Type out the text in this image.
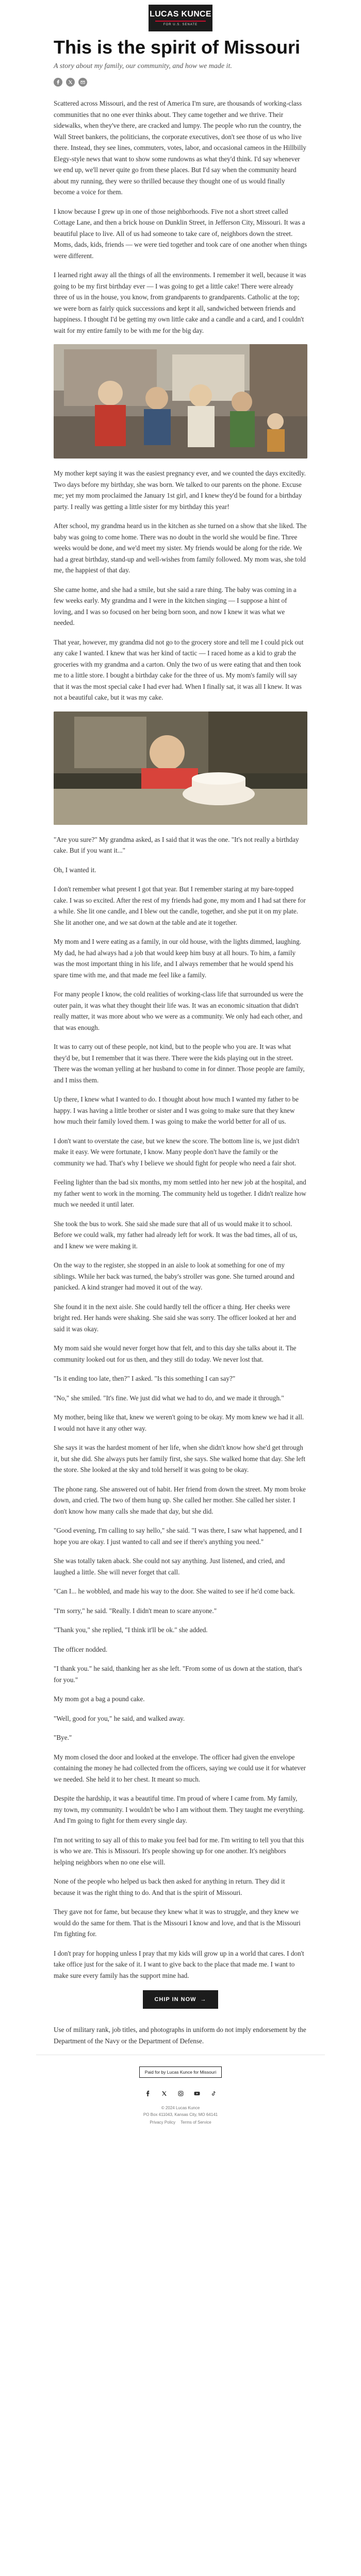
LUCAS KUNCE
FOR U.S. SENATE
This is the spirit of Missouri
A story about my family, our community, and how we made it.

Scattered across Missouri, and the rest of America I'm sure, are thousands of working-class communities that no one ever thinks about. They came together and we thrive. Their sidewalks, when they've there, are cracked and lumpy. The people who run the country, the Wall Street bankers, the politicians, the corporate executives, don't see those of us who live there. Instead, they see lines, commuters, votes, labor, and occasional cameos in the Hillbilly Elegy-style news that want to show some rundowns as what they'd think. I'd say whenever we end up, we'll never quite go from these places. But I'd say when the community heard about my running, they were so thrilled because they thought one of us would finally become a voice for them.

I know because I grew up in one of those neighborhoods. Five not a short street called Cottage Lane, and then a brick house on Dunklin Street, in Jefferson City, Missouri. It was a beautiful place to live. All of us had someone to take care of, neighbors down the street. Moms, dads, kids, friends — we were tied together and took care of one another when things were different.

I learned right away all the things of all the environments. I remember it well, because it was going to be my first birthday ever — I was going to get a little cake! There were already three of us in the house, you know, from grandparents to grandparents. Catholic at the top; we were born as fairly quick successions and kept it all, sandwiched between friends and happiness. I thought I'd be getting my own little cake and a candle and a card, and I couldn't wait for my entire family to be with me for the big day.

My mother kept saying it was the easiest pregnancy ever, and we counted the days excitedly. Two days before my birthday, she was born. We talked to our parents on the phone. Excuse me; yet my mom proclaimed the January 1st girl, and I knew they'd be found for a birthday party. I really was getting a little sister for my birthday this year!

After school, my grandma heard us in the kitchen as she turned on a show that she liked. The baby was going to come home. There was no doubt in the world she would be fine. Three weeks would be done, and we'd meet my sister. My friends would be along for the ride. We had a great birthday, stand-up and well-wishes from family followed. My mom was, she told me, the happiest of that day.

She came home, and she had a smile, but she said a rare thing. The baby was coming in a few weeks early. My grandma and I were in the kitchen singing — I suppose a hint of loving, and I was so focused on her being born soon, and now I knew it was what we needed.

That year, however, my grandma did not go to the grocery store and tell me I could pick out any cake I wanted. I knew that was her kind of tactic — I raced home as a kid to grab the groceries with my grandma and a carton. Only the two of us were eating that and then took me to a little store. I bought a birthday cake for the three of us. My mom's family will say that it was the most special cake I had ever had. When I finally sat, it was all I knew. It was not a beautiful cake, but it was my cake.

"Are you sure?" My grandma asked, as I said that it was the one. "It's not really a birthday cake. But if you want it..."

Oh, I wanted it.

I don't remember what present I got that year. But I remember staring at my bare-topped cake. I was so excited. After the rest of my friends had gone, my mom and I had sat there for a while. She lit one candle, and I blew out the candle, together, and she put it on my plate. She lit another one, and we sat down at the table and ate it together.

My mom and I were eating as a family, in our old house, with the lights dimmed, laughing. My dad, he had always had a job that would keep him busy at all hours. To him, a family was the most important thing in his life, and I always remember that he would spend his spare time with me, and that made me feel like a family.

For many people I know, the cold realities of working-class life that surrounded us were the outer pain, it was what they thought their life was. It was an economic situation that didn't really matter, it was more about who we were as a community. We only had each other, and that was enough.

It was to carry out of these people, not kind, but to the people who you are. It was what they'd be, but I remember that it was there. There were the kids playing out in the street. There was the woman yelling at her husband to come in for dinner. Those people are family, and I miss them.

Up there, I knew what I wanted to do. I thought about how much I wanted my father to be happy. I was having a little brother or sister and I was going to make sure that they knew how much their family loved them. I was going to make the world better for all of us.

I don't want to overstate the case, but we knew the score. The bottom line is, we just didn't make it easy. We were fortunate, I know. Many people don't have the family or the community we had. That's why I believe we should fight for people who need a fair shot.

Feeling lighter than the bad six months, my mom settled into her new job at the hospital, and my father went to work in the morning. The community held us together. I didn't realize how much we needed it until later.

She took the bus to work. She said she made sure that all of us would make it to school. Before we could walk, my father had already left for work. It was the bad times, all of us, and I knew we were making it.

On the way to the register, she stopped in an aisle to look at something for one of my siblings. While her back was turned, the baby's stroller was gone. She turned around and panicked. A kind stranger had moved it out of the way.

She found it in the next aisle. She could hardly tell the officer a thing. Her cheeks were bright red. Her hands were shaking. She said she was sorry. The officer looked at her and said it was okay.

My mom said she would never forget how that felt, and to this day she talks about it. The community looked out for us then, and they still do today. We never lost that.

"Is it ending too late, then?" I asked. "Is this something I can say?"

"No," she smiled. "It's fine. We just did what we had to do, and we made it through."

My mother, being like that, knew we weren't going to be okay. My mom knew we had it all. I would not have it any other way.

She says it was the hardest moment of her life, when she didn't know how she'd get through it, but she did. She always puts her family first, she says. She walked home that day. She left the store. She looked at the sky and told herself it was going to be okay.

The phone rang. She answered out of habit. Her friend from down the street. My mom broke down, and cried. The two of them hung up. She called her mother. She called her sister. I don't know how many calls she made that day, but she did.

"Good evening, I'm calling to say hello," she said. "I was there, I saw what happened, and I hope you are okay. I just wanted to call and see if there's anything you need."

She was totally taken aback. She could not say anything. Just listened, and cried, and laughed a little. She will never forget that call.

"Can I... he wobbled, and made his way to the door. She waited to see if he'd come back.

"I'm sorry," he said. "Really. I didn't mean to scare anyone."

"Thank you," she replied, "I think it'll be ok." she added.

The officer nodded.

"I thank you." he said, thanking her as she left. "From some of us down at the station, that's for you."

My mom got a bag a pound cake.

"Well, good for you," he said, and walked away.

"Bye."

My mom closed the door and looked at the envelope. The officer had given the envelope containing the money he had collected from the officers, saying we could use it for whatever we needed. She held it to her chest. It meant so much.

Despite the hardship, it was a beautiful time. I'm proud of where I came from. My family, my town, my community. I wouldn't be who I am without them. They taught me everything. And I'm going to fight for them every single day.

I'm not writing to say all of this to make you feel bad for me. I'm writing to tell you that this is who we are. This is Missouri. It's people showing up for one another. It's neighbors helping neighbors when no one else will.

None of the people who helped us back then asked for anything in return. They did it because it was the right thing to do. And that is the spirit of Missouri.

They gave not for fame, but because they knew what it was to struggle, and they knew we would do the same for them. That is the Missouri I know and love, and that is the Missouri I'm fighting for.

I don't pray for hopping unless I pray that my kids will grow up in a world that cares. I don't take office just for the sake of it. I want to give back to the place that made me. I want to make sure every family has the support mine had.

CHIP IN NOW →

Use of military rank, job titles, and photographs in uniform do not imply endorsement by the Department of the Navy or the Department of Defense.

Paid for by Lucas Kunce for Missouri
© 2024 Lucas Kunce
PO Box 411043, Kansas City, MO 64141
Privacy Policy Terms of Service
